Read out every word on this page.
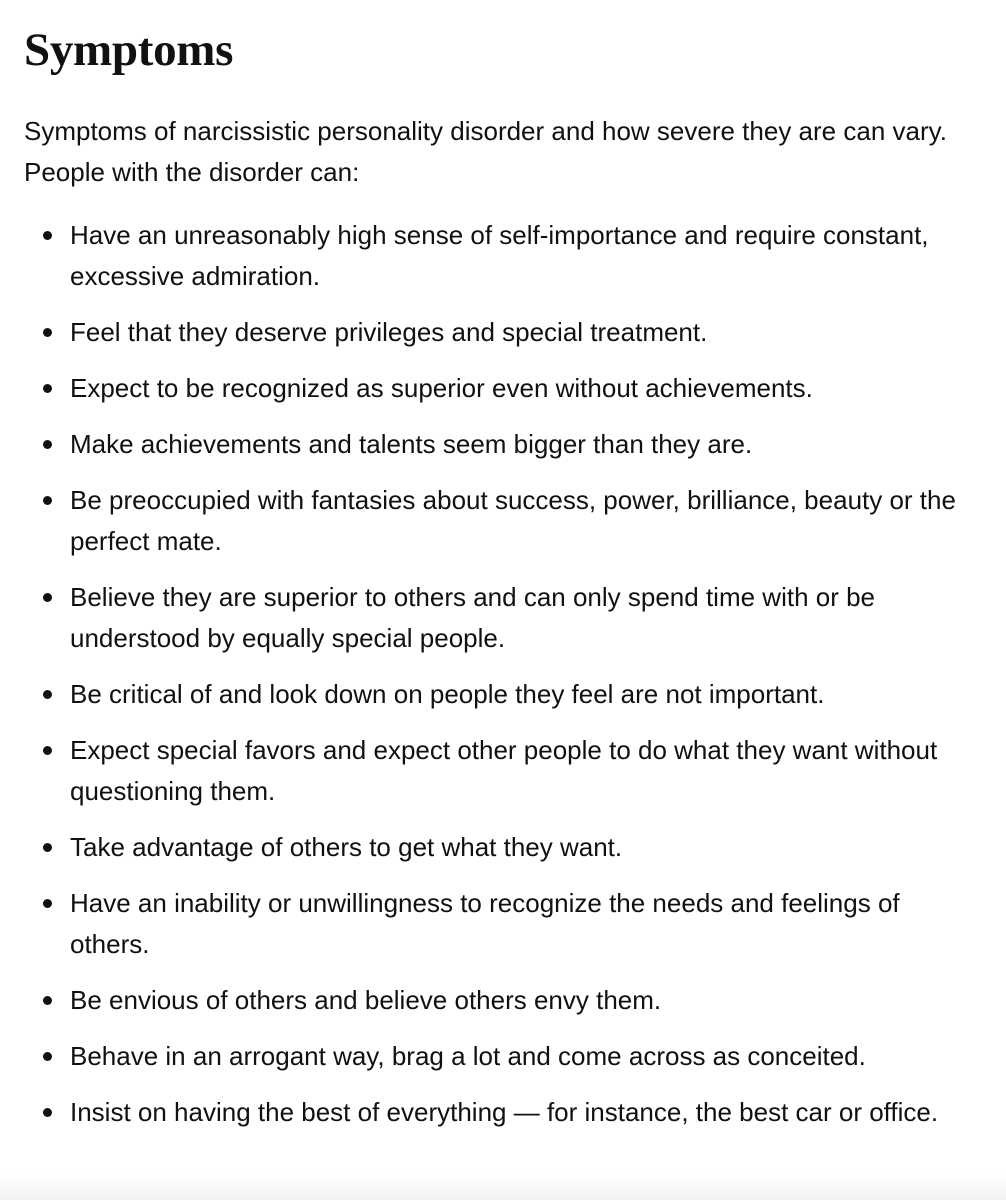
Symptoms

Symptoms of narcissistic personality disorder and how severe they are can vary. People with the disorder can:

Have an unreasonably high sense of self-importance and require constant, excessive admiration.
Feel that they deserve privileges and special treatment.
Expect to be recognized as superior even without achievements.
Make achievements and talents seem bigger than they are.
Be preoccupied with fantasies about success, power, brilliance, beauty or the perfect mate.
Believe they are superior to others and can only spend time with or be understood by equally special people.
Be critical of and look down on people they feel are not important.
Expect special favors and expect other people to do what they want without questioning them.
Take advantage of others to get what they want.
Have an inability or unwillingness to recognize the needs and feelings of others.
Be envious of others and believe others envy them.
Behave in an arrogant way, brag a lot and come across as conceited.
Insist on having the best of everything — for instance, the best car or office.
